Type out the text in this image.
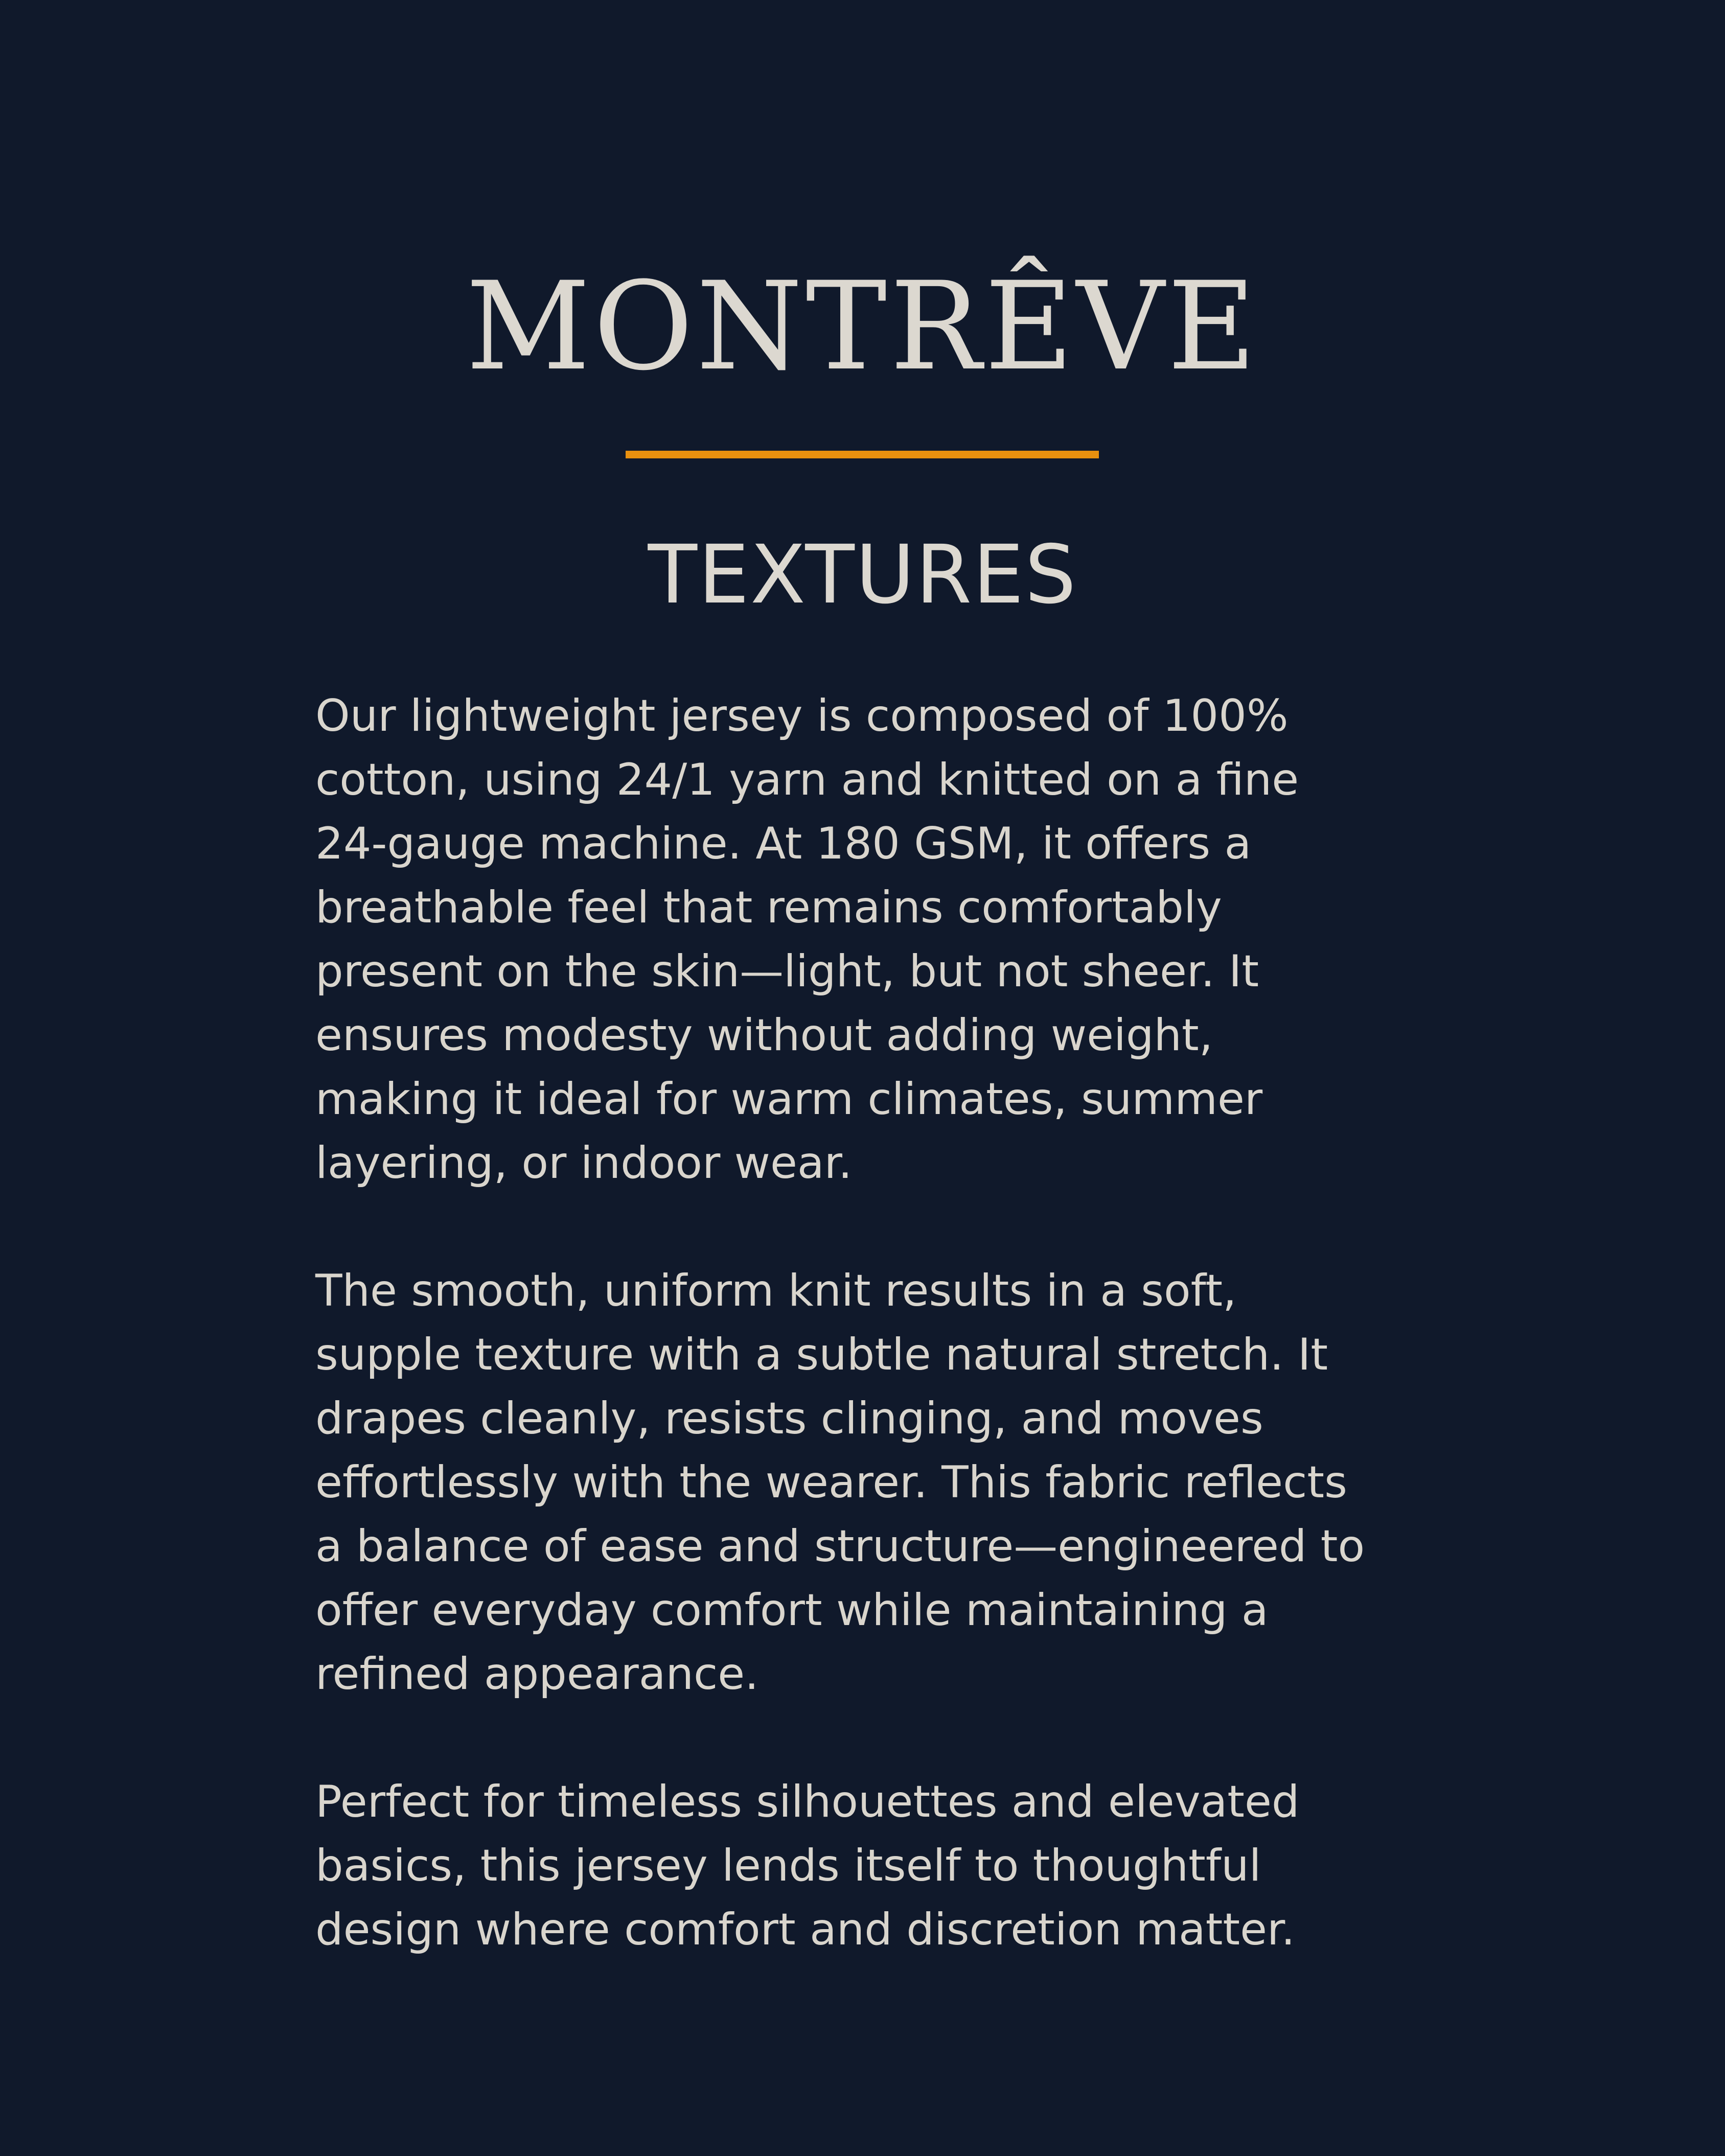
MONTRÊVE
TEXTURES
Our lightweight jersey is composed of 100%
cotton, using 24/1 yarn and knitted on a fine
24-gauge machine. At 180 GSM, it offers a
breathable feel that remains comfortably
present on the skin—light, but not sheer. It
ensures modesty without adding weight,
making it ideal for warm climates, summer
layering, or indoor wear.
The smooth, uniform knit results in a soft,
supple texture with a subtle natural stretch. It
drapes cleanly, resists clinging, and moves
effortlessly with the wearer. This fabric reflects
a balance of ease and structure—engineered to
offer everyday comfort while maintaining a
refined appearance.
Perfect for timeless silhouettes and elevated
basics, this jersey lends itself to thoughtful
design where comfort and discretion matter.
